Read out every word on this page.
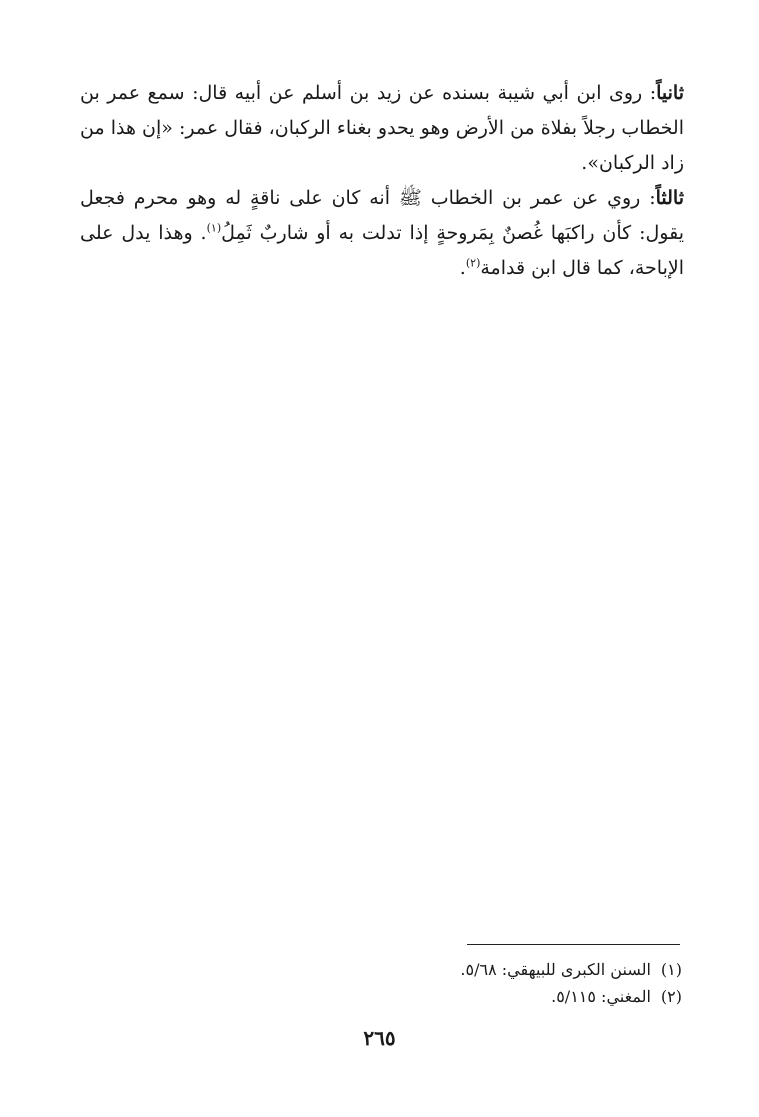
ثانياً: روى ابن أبي شيبة بسنده عن زيد بن أسلم عن أبيه قال: سمع عمر بن الخطاب رجلاً بفلاة من الأرض وهو يحدو بغناء الركبان، فقال عمر: «إن هذا من زاد الركبان».

ثالثاً: روي عن عمر بن الخطاب ﷺ أنه كان على ناقةٍ له وهو محرم فجعل يقول: كأن راكبَها غُصنٌ بِمَروحةٍ إذا تدلت به أو شاربٌ ثَمِلُ$^{(١)}$. وهذا يدل على الإباحة، كما قال ابن قدامة$^{(٢)}$.

(١)السنن الكبرى للبيهقي: ٥/٦٨.

(٢)المغني: ٥/١١٥.

٢٦٥
